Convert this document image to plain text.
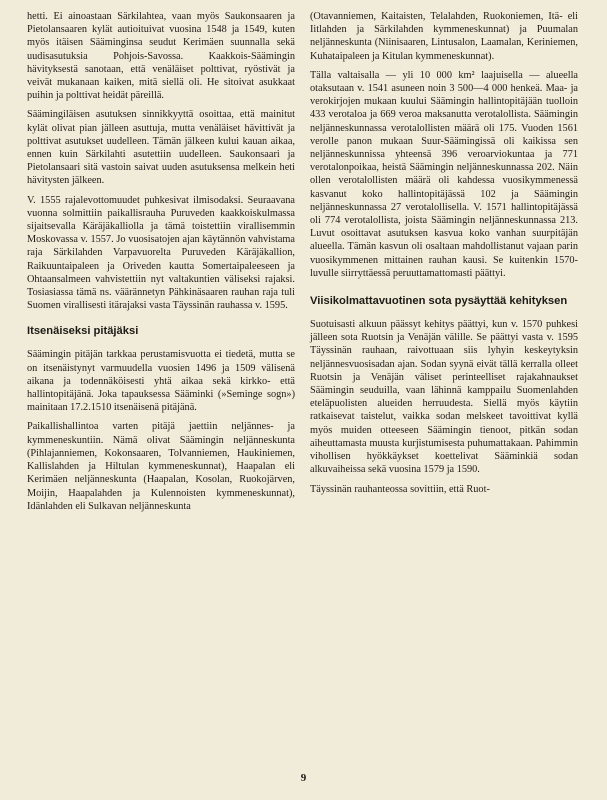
hetti. Ei ainoastaan Särkilahtea, vaan myös Saukonsaaren ja Pietolansaaren kylät autioituivat vuosina 1548 ja 1549, kuten myös itäisen Sääminginsa seudut Kerimäen suunnalla sekä uudisasutuksia Pohjois-Savossa. Kaakkois-Säämingin hävityksestä sanotaan, että venäläiset polttivat, ryöstivät ja veivät mukanaan kaiken, mitä siellä oli. He sitoivat asukkaat puihin ja polttivat heidät päreillä.

Säämingiläisen asutuksen sinnikkyyttä osoittaa, että mainitut kylät olivat pian jälleen asuttuja, mutta venäläiset hävittivät ja polttivat asutukset uudelleen. Tämän jälkeen kului kauan aikaa, ennen kuin Särkilahti asutettiin uudelleen. Saukonsaari ja Pietolansaari sitä vastoin saivat uuden asutuksensa melkein heti hävitysten jälkeen.

V. 1555 rajalevottomuudet puhkesivat ilmisodaksi. Seuraavana vuonna solmittiin paikallisrauha Puruveden kaakkoiskulmassa sijaitsevalla Käräjäkalliolla ja tämä toistettiin virallisemmin Moskovassa v. 1557. Jo vuosisatojen ajan käytännön vahvistama raja Särkilahden Varpavuorelta Puruveden Käräjäkallion, Raikuuntaipaleen ja Oriveden kautta Somertaipaleeseen ja Ohtaansalmeen vahvistettiin nyt valtakuntien väliseksi rajaksi. Tosiasiassa tämä ns. väärännetyn Pähkinäsaaren rauhan raja tuli Suomen virallisesti itärajaksi vasta Täyssinän rauhassa v. 1595.

Itsenäiseksi pitäjäksi

Säämingin pitäjän tarkkaa perustamisvuotta ei tiedetä, mutta se on itsenäistynyt varmuudella vuosien 1496 ja 1509 välisenä aikana ja todennäköisesti yhtä aikaa sekä kirkko- että hallintopitäjänä. Joka tapauksessa Sääminki (»Seminge sogn») mainitaan 17.2.1510 itsenäisenä pitäjänä.

Paikallishallintoa varten pitäjä jaettiin neljännes- ja kymmeneskuntiin. Nämä olivat Säämingin neljänneskunta (Pihlajanniemen, Kokonsaaren, Tolvanniemen, Haukiniemen, Kallislahden ja Hiltulan kymmeneskunnat), Haapalan eli Kerimäen neljänneskunta (Haapalan, Kosolan, Ruokojärven, Moijin, Haapalahden ja Kulennoisten kymmeneskunnat), Idänlahden eli Sulkavan neljänneskunta

(Otavanniemen, Kaitaisten, Telalahden, Ruokoniemen, Itä- eli Iitlahden ja Särkilahden kymmeneskunnat) ja Puumalan neljänneskunta (Niinisaaren, Lintusalon, Laamalan, Keriniemen, Kuhataipaleen ja Kitulan kymmeneskunnat).

Tälla valtaisalla — yli 10 000 km² laajuisella — alueella otaksutaan v. 1541 asuneen noin 3 500—4 000 henkeä. Maa- ja verokirjojen mukaan kuului Säämingin hallintopitäjään tuolloin 433 verotaloa ja 669 veroa maksanutta verotalollista. Säämingin neljänneskunnassa verotalollisten määrä oli 175. Vuoden 1561 verolle panon mukaan Suur-Säämingissä oli kaikissa sen neljänneskunnissa yhteensä 396 veroarviokuntaa ja 771 verotalonpoikaa, heistä Säämingin neljänneskunnassa 202. Näin ollen verotalollisten määrä oli kahdessa vuosikymmenessä kasvanut koko hallintopitäjässä 102 ja Säämingin neljänneskunnassa 27 verotalollisella. V. 1571 hallintopitäjässä oli 774 verotalollista, joista Säämingin neljänneskunnassa 213. Luvut osoittavat asutuksen kasvua koko vanhan suurpitäjän alueella. Tämän kasvun oli osaltaan mahdollistanut vajaan parin vuosikymmenen mittainen rauhan kausi. Se kuitenkin 1570-luvulle siirryttäessä peruuttamattomasti päättyi.

Viisikolmattavuotinen sota pysäyttää kehityksen

Suotuisasti alkuun päässyt kehitys päättyi, kun v. 1570 puhkesi jälleen sota Ruotsin ja Venäjän välille. Se päättyi vasta v. 1595 Täyssinän rauhaan, raivottuaan siis lyhyin keskeytyksin neljännesvuosisadan ajan. Sodan syynä eivät tällä kerralla olleet Ruotsin ja Venäjän väliset perinteelliset rajakahnaukset Säämingin seuduilla, vaan lähinnä kamppailu Suomenlahden eteläpuolisten alueiden herruudesta. Siellä myös käytiin ratkaisevat taistelut, vaikka sodan melskeet tavoittivat kyllä myös muiden otteeseen Säämingin tienoot, pitkän sodan aiheuttamasta muusta kurjistumisesta puhumattakaan. Pahimmin vihollisen hyökkäykset koettelivat Sääminkiä sodan alkuvaiheissa sekä vuosina 1579 ja 1590.

Täyssinän rauhanteossa sovittiin, että Ruot-

9
